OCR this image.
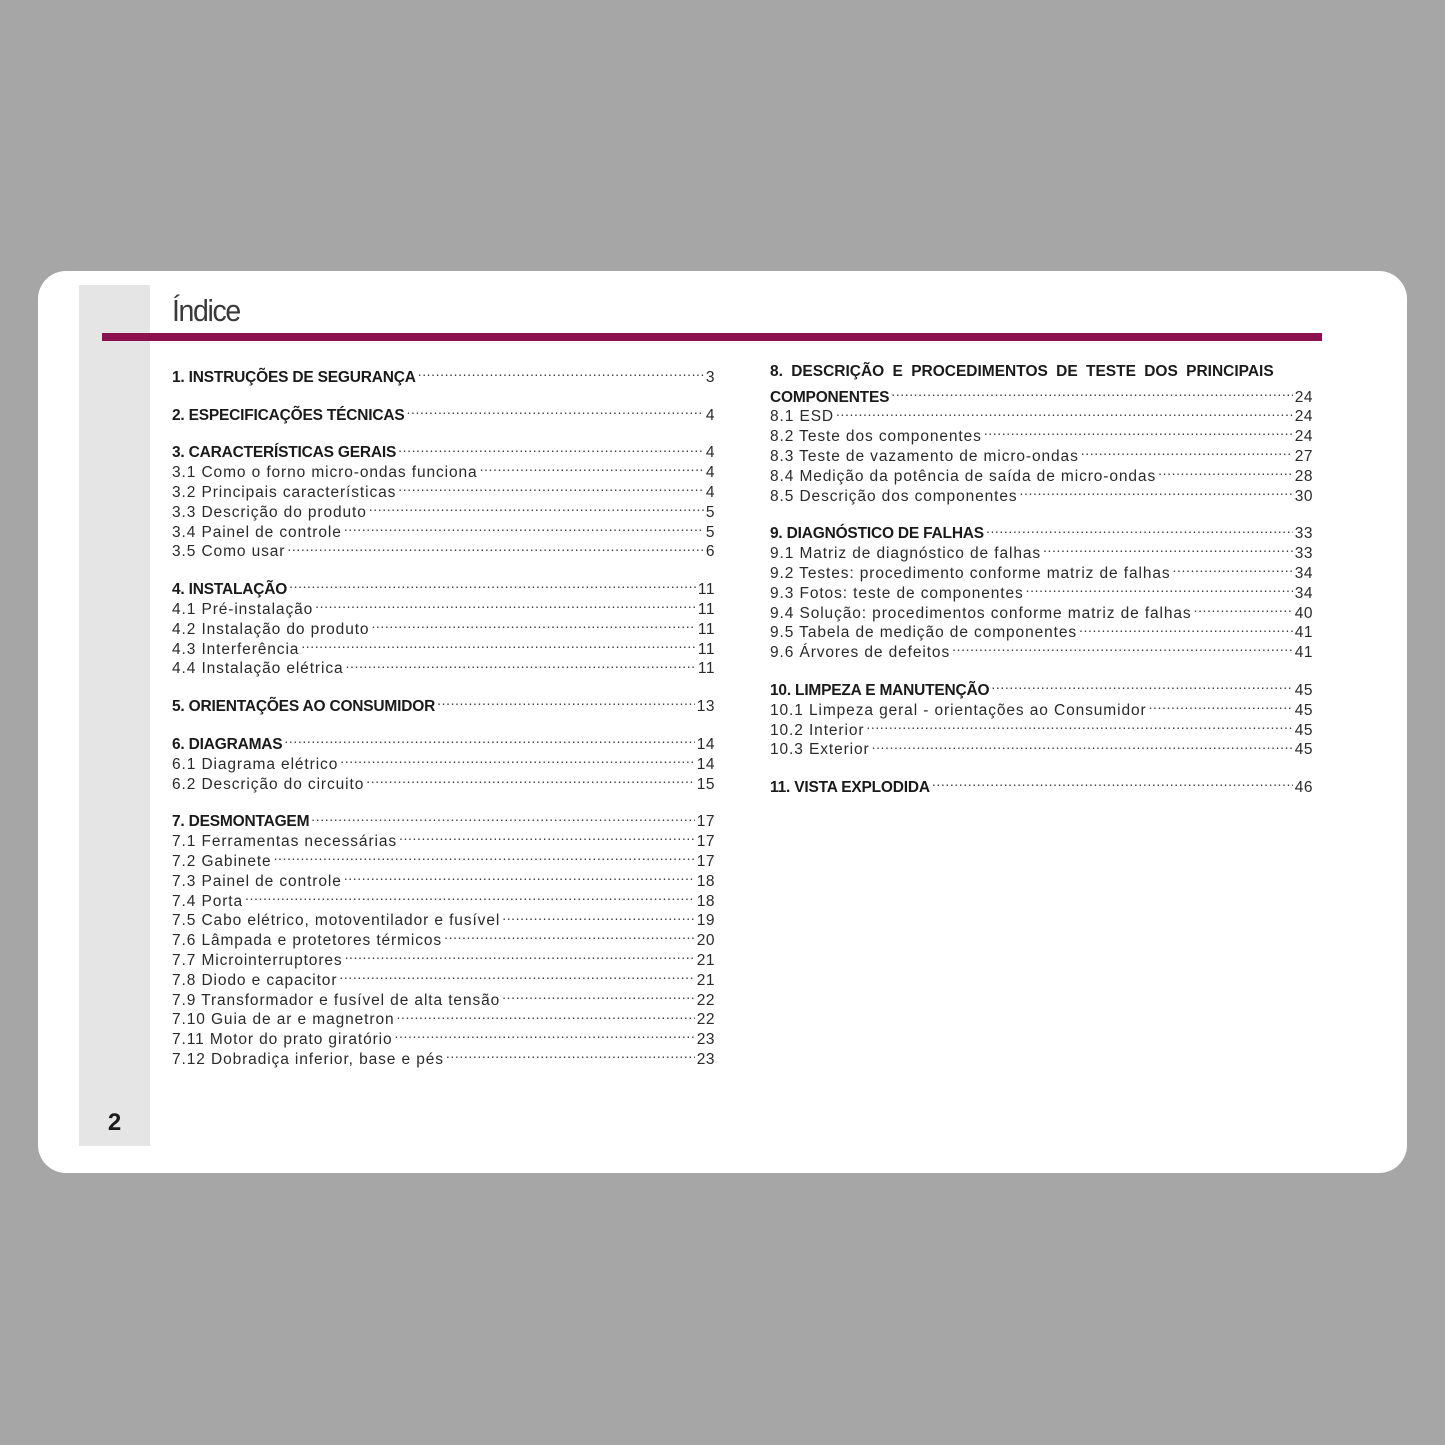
2
Índice
1. INSTRUÇÕES DE SEGURANÇA .....	3
2. ESPECIFICAÇÕES TÉCNICAS .....	4
3. CARACTERÍSTICAS GERAIS .....	4
3.1 Como o forno micro-ondas funciona .....	4
3.2 Principais características .....	4
3.3 Descrição do produto .....	5
3.4 Painel de controle .....	5
3.5 Como usar .....	6
4. INSTALAÇÃO .....	11
4.1 Pré-instalação .....	11
4.2 Instalação do produto .....	11
4.3 Interferência .....	11
4.4 Instalação elétrica .....	11
5. ORIENTAÇÕES AO CONSUMIDOR .....	13
6. DIAGRAMAS .....	14
6.1 Diagrama elétrico .....	14
6.2 Descrição do circuito .....	15
7. DESMONTAGEM .....	17
7.1 Ferramentas necessárias .....	17
7.2 Gabinete .....	17
7.3 Painel de controle .....	18
7.4 Porta .....	18
7.5 Cabo elétrico, motoventilador e fusível .....	19
7.6 Lâmpada e protetores térmicos .....	20
7.7 Microinterruptores .....	21
7.8 Diodo e capacitor .....	21
7.9 Transformador e fusível de alta tensão .....	22
7.10 Guia de ar e magnetron .....	22
7.11 Motor do prato giratório .....	23
7.12 Dobradiça inferior, base e pés .....	23
8. DESCRIÇÃO E PROCEDIMENTOS DE TESTE DOS PRINCIPAIS
COMPONENTES .....	24
8.1 ESD .....	24
8.2 Teste dos componentes .....	24
8.3 Teste de vazamento de micro-ondas .....	27
8.4 Medição da potência de saída de micro-ondas .....	28
8.5 Descrição dos componentes .....	30
9. DIAGNÓSTICO DE FALHAS .....	33
9.1 Matriz de diagnóstico de falhas .....	33
9.2 Testes: procedimento conforme matriz de falhas .....	34
9.3 Fotos: teste de componentes .....	34
9.4 Solução: procedimentos conforme matriz de falhas .....	40
9.5 Tabela de medição de componentes .....	41
9.6 Árvores de defeitos .....	41
10. LIMPEZA E MANUTENÇÃO .....	45
10.1 Limpeza geral - orientações ao Consumidor .....	45
10.2 Interior .....	45
10.3 Exterior .....	45
11. VISTA EXPLODIDA .....	46
